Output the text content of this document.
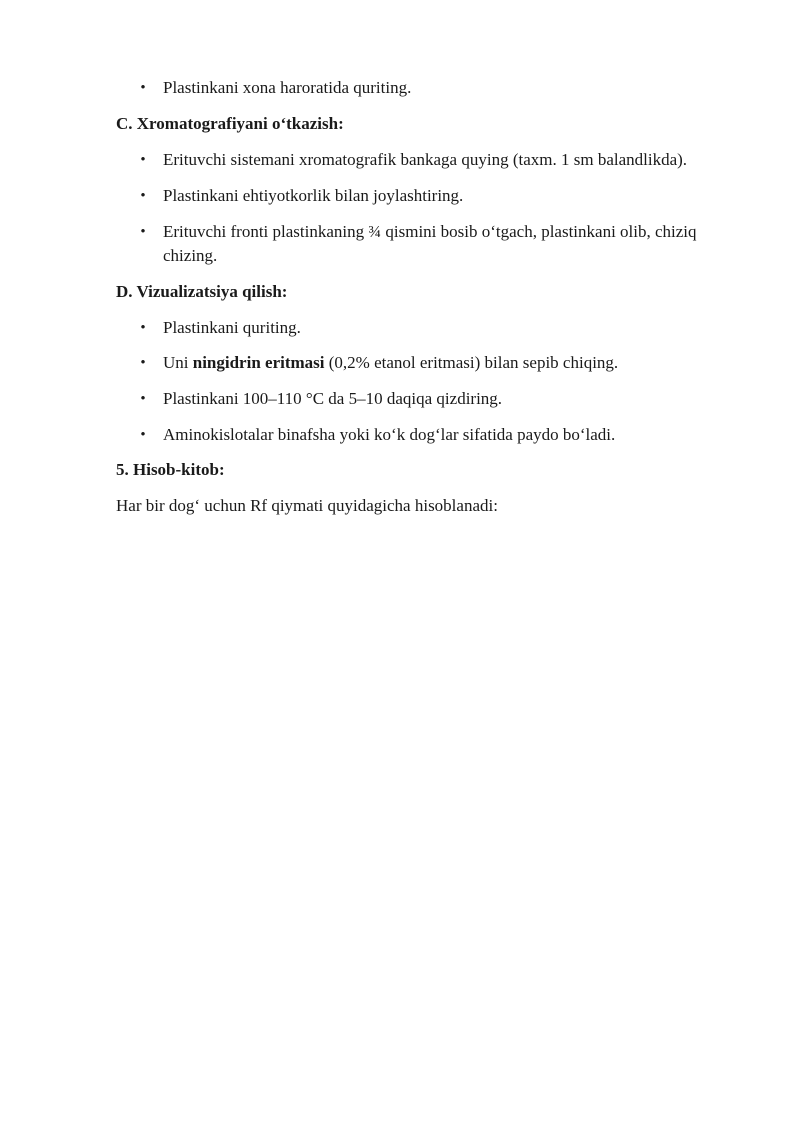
• Plastinkani xona haroratida quriting.
C. Xromatografiyani oʻtkazish:
• Erituvchi sistemani xromatografik bankaga quying (taxm. 1 sm balandlikda).
• Plastinkani ehtiyotkorlik bilan joylashtiring.
• Erituvchi fronti plastinkaning ¾ qismini bosib oʻtgach, plastinkani olib, chiziq
chizing.
D. Vizualizatsiya qilish:
• Plastinkani quriting.
• Uni ningidrin eritmasi (0,2% etanol eritmasi) bilan sepib chiqing.
• Plastinkani 100–110 °C da 5–10 daqiqa qizdiring.
• Aminokislotalar binafsha yoki koʻk dogʻlar sifatida paydo boʻladi.
5. Hisob-kitob:
Har bir dogʻ uchun Rf qiymati quyidagicha hisoblanadi:
